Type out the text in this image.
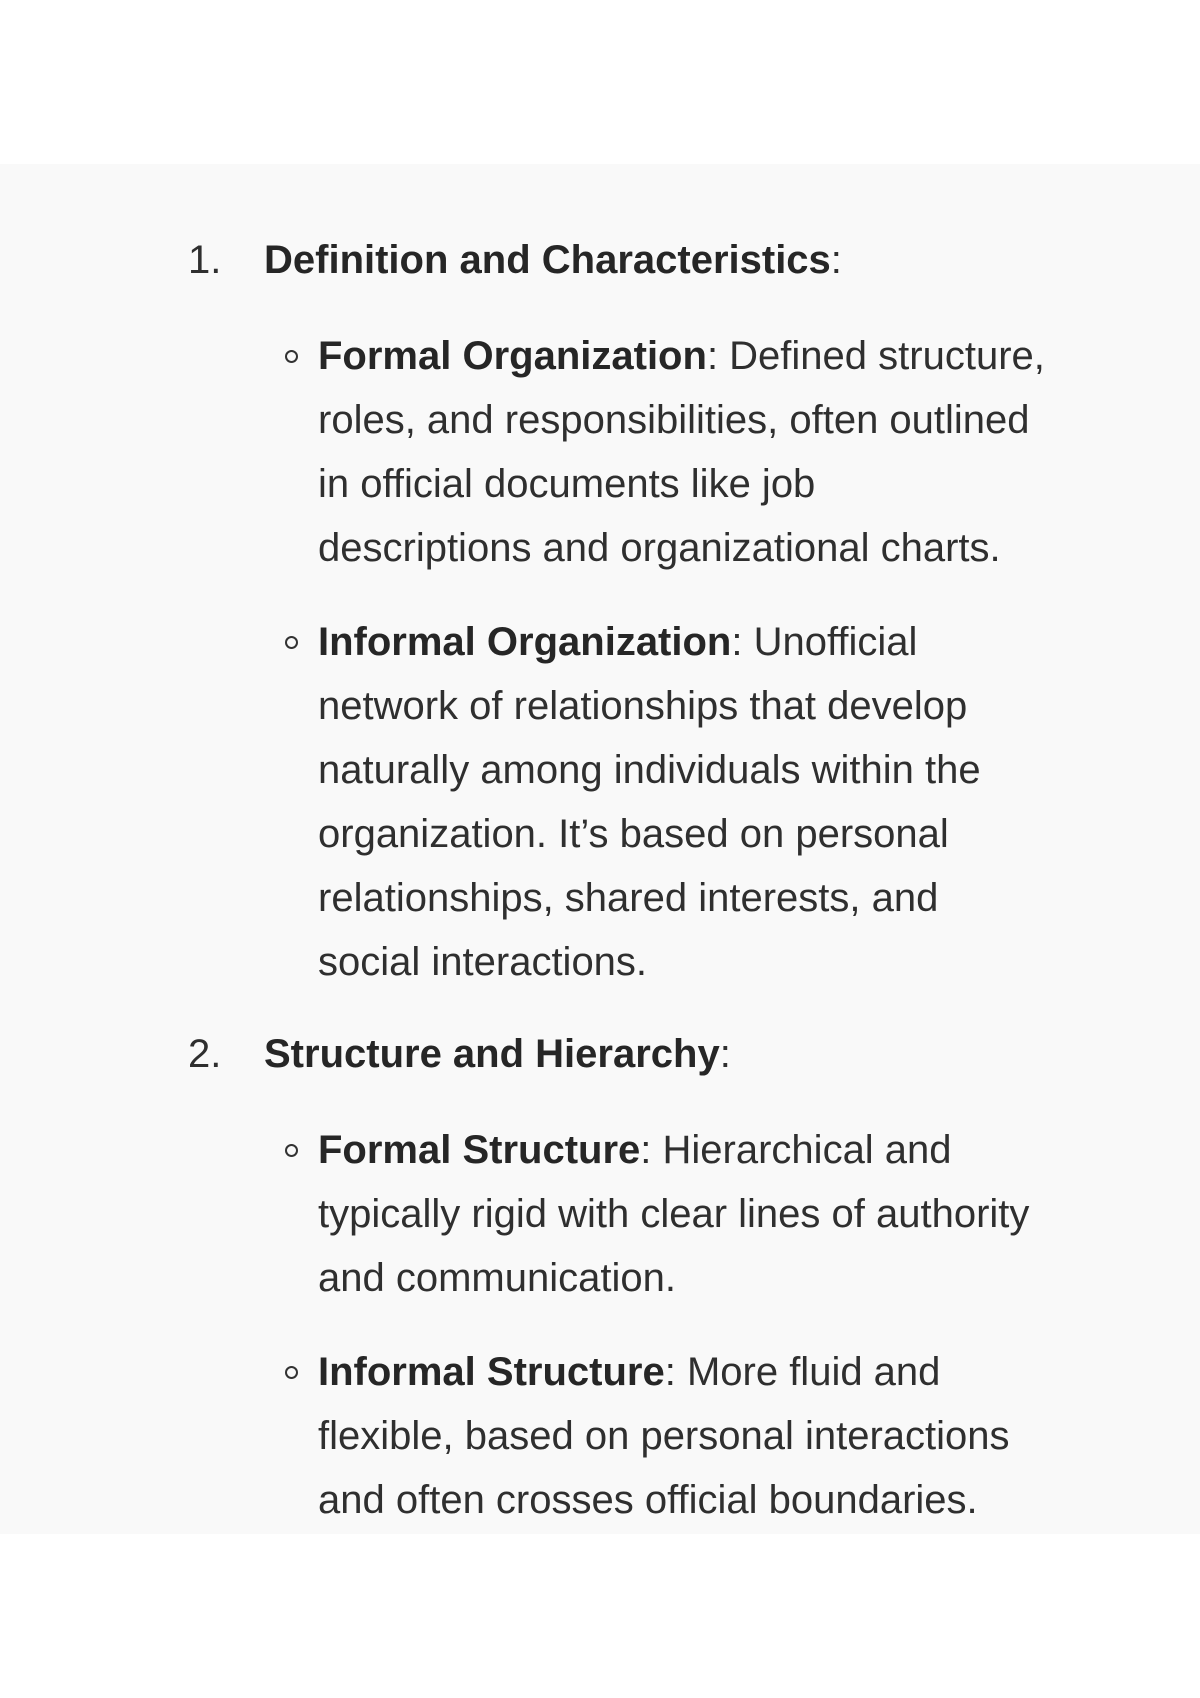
1. Definition and Characteristics:
Formal Organization: Defined structure,
roles, and responsibilities, often outlined
in official documents like job
descriptions and organizational charts.
Informal Organization: Unofficial
network of relationships that develop
naturally among individuals within the
organization. It’s based on personal
relationships, shared interests, and
social interactions.
2. Structure and Hierarchy:
Formal Structure: Hierarchical and
typically rigid with clear lines of authority
and communication.
Informal Structure: More fluid and
flexible, based on personal interactions
and often crosses official boundaries.
